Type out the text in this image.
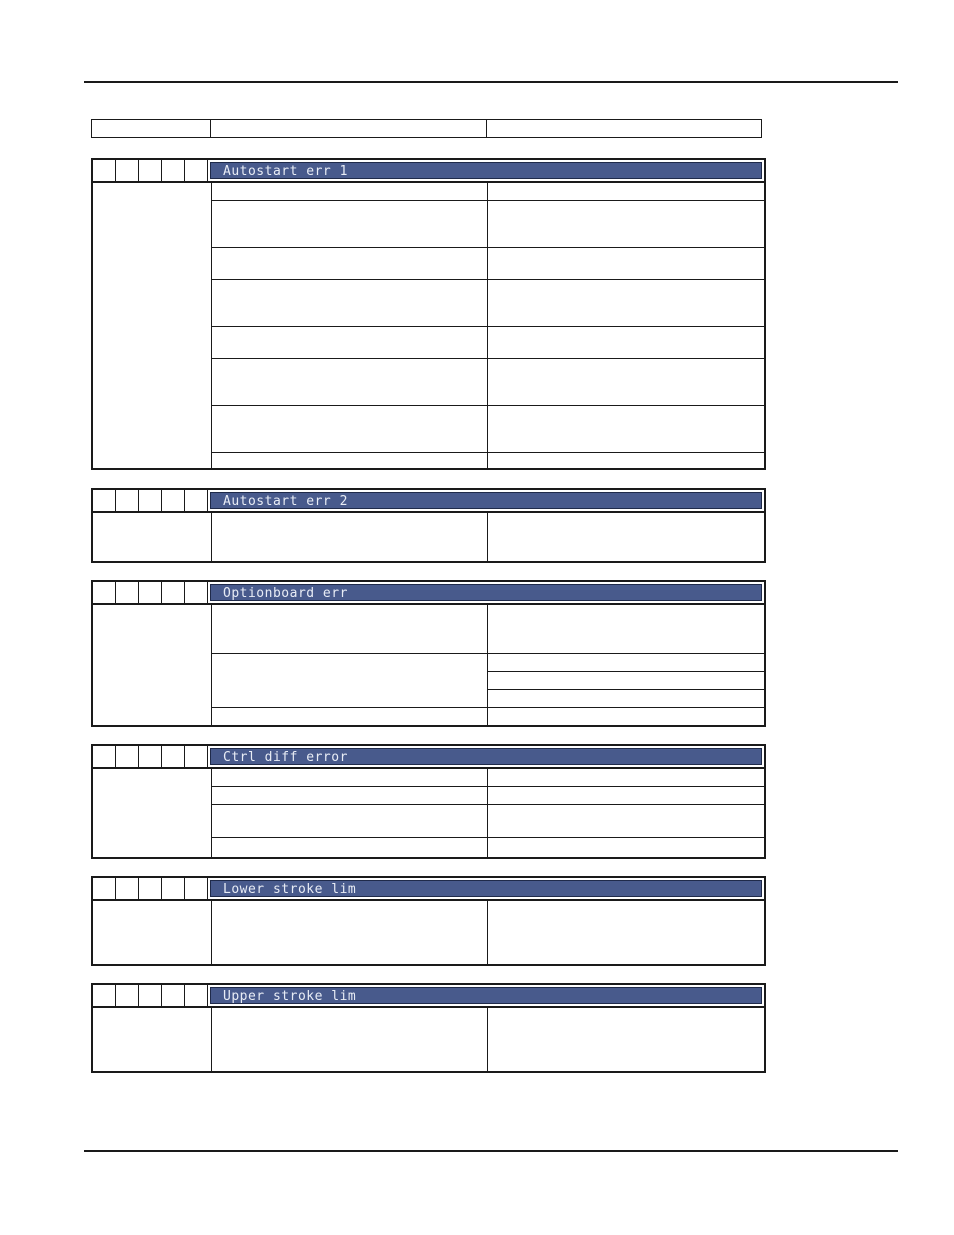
Autostart err 1
Autostart err 2
Optionboard err
Ctrl diff error
Lower stroke lim
Upper stroke lim
